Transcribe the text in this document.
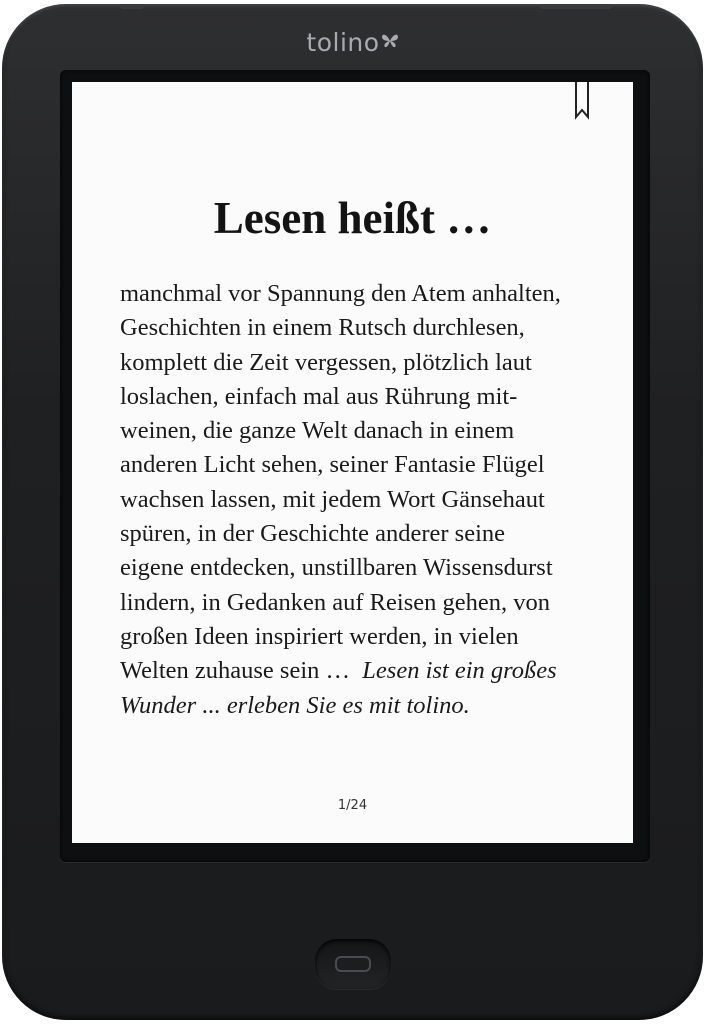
tolino
Lesen heißt …
manchmal vor Spannung den Atem anhalten,
Geschichten in einem Rutsch durchlesen,
komplett die Zeit vergessen, plötzlich laut
loslachen, einfach mal aus Rührung mit-
weinen, die ganze Welt danach in einem
anderen Licht sehen, seiner Fantasie Flügel
wachsen lassen, mit jedem Wort Gänsehaut
spüren, in der Geschichte anderer seine
eigene entdecken, unstillbaren Wissensdurst
lindern, in Gedanken auf Reisen gehen, von
großen Ideen inspiriert werden, in vielen
Welten zuhause sein … Lesen ist ein großes
Wunder ... erleben Sie es mit tolino.
1/24
